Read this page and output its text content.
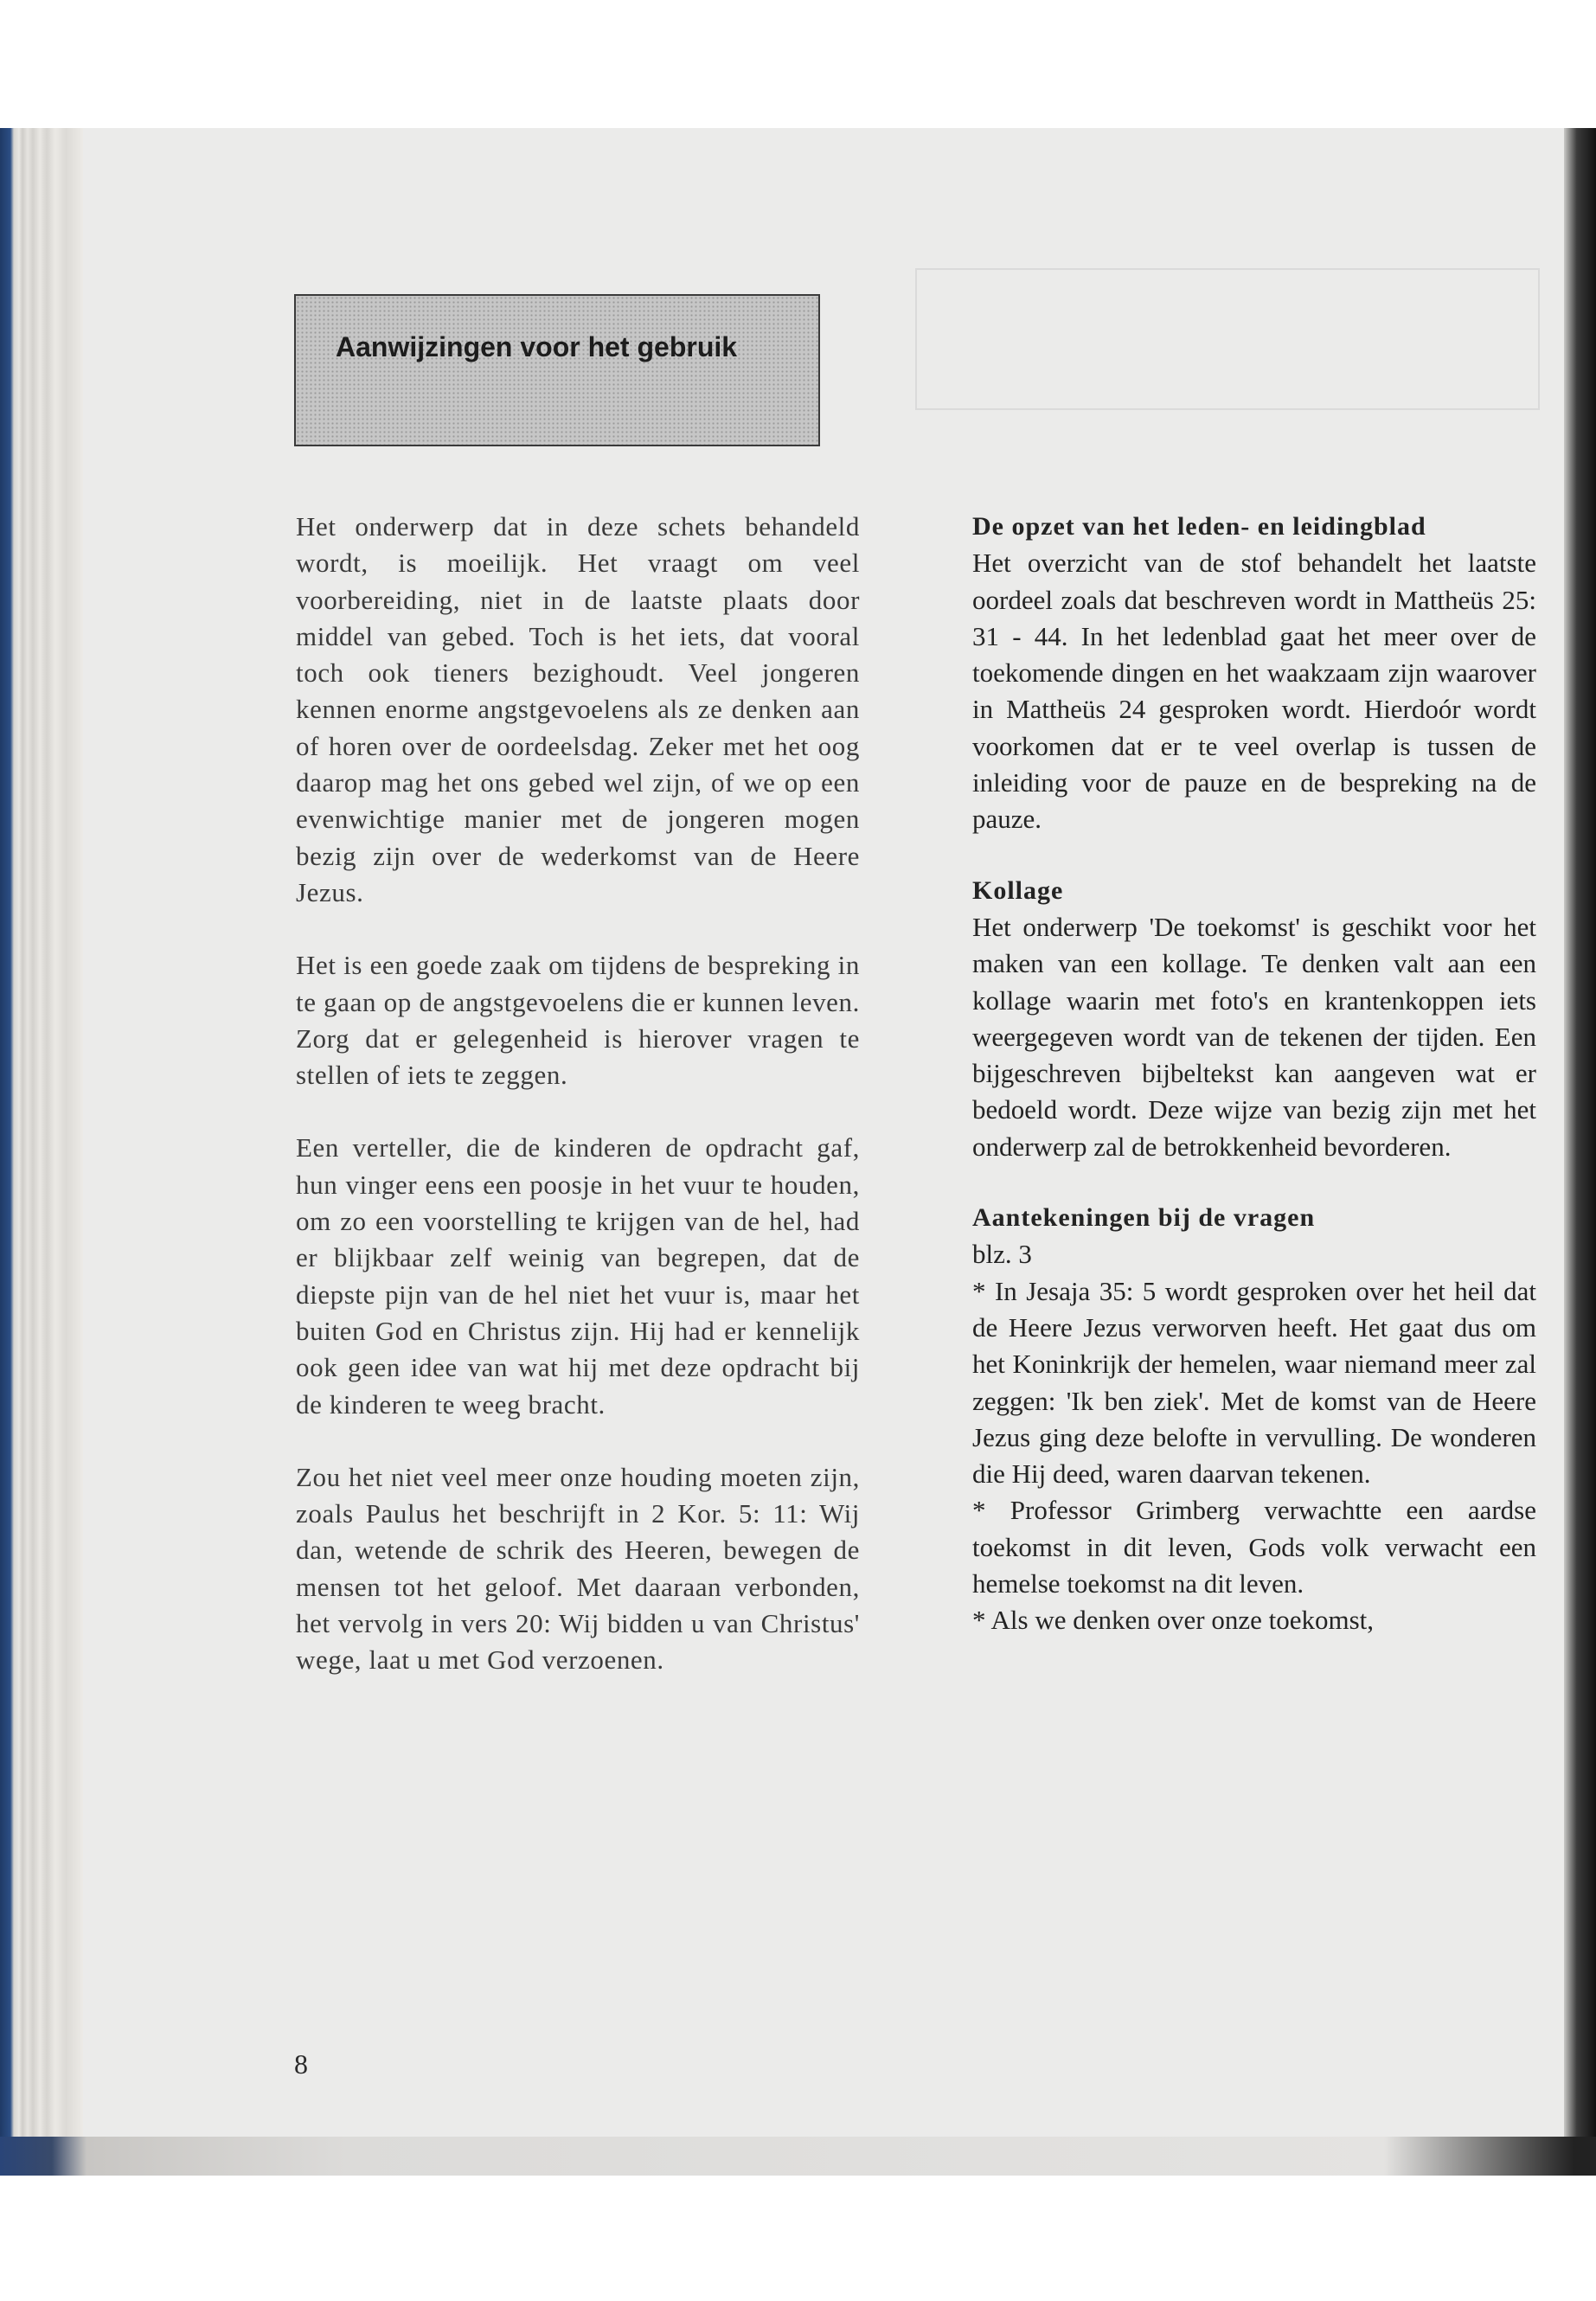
Aanwijzingen voor het gebruik

Het onderwerp dat in deze schets behandeld wordt, is moeilijk. Het vraagt om veel voorbereiding, niet in de laatste plaats door middel van gebed. Toch is het iets, dat vooral toch ook tieners bezighoudt. Veel jongeren kennen enorme angstgevoelens als ze denken aan of horen over de oordeelsdag. Zeker met het oog daarop mag het ons gebed wel zijn, of we op een evenwichtige manier met de jongeren mogen bezig zijn over de wederkomst van de Heere Jezus.

Het is een goede zaak om tijdens de bespreking in te gaan op de angstgevoelens die er kunnen leven. Zorg dat er gelegenheid is hierover vragen te stellen of iets te zeggen.

Een verteller, die de kinderen de opdracht gaf, hun vinger eens een poosje in het vuur te houden, om zo een voorstelling te krijgen van de hel, had er blijkbaar zelf weinig van begrepen, dat de diepste pijn van de hel niet het vuur is, maar het buiten God en Christus zijn. Hij had er kennelijk ook geen idee van wat hij met deze opdracht bij de kinderen te weeg bracht.

Zou het niet veel meer onze houding moeten zijn, zoals Paulus het beschrijft in 2 Kor. 5: 11: Wij dan, wetende de schrik des Heeren, bewegen de mensen tot het geloof. Met daaraan verbonden, het vervolg in vers 20: Wij bidden u van Christus' wege, laat u met God verzoenen.

De opzet van het leden- en leidingblad
Het overzicht van de stof behandelt het laatste oordeel zoals dat beschreven wordt in Mattheüs 25: 31 - 44. In het ledenblad gaat het meer over de toekomende dingen en het waakzaam zijn waarover in Mattheüs 24 gesproken wordt. Hierdoór wordt voorkomen dat er te veel overlap is tussen de inleiding voor de pauze en de bespreking na de pauze.
Kollage
Het onderwerp 'De toekomst' is geschikt voor het maken van een kollage. Te denken valt aan een kollage waarin met foto's en krantenkoppen iets weergegeven wordt van de tekenen der tijden. Een bijgeschreven bijbeltekst kan aangeven wat er bedoeld wordt. Deze wijze van bezig zijn met het onderwerp zal de betrokkenheid bevorderen.
Aantekeningen bij de vragen
blz. 3
* In Jesaja 35: 5 wordt gesproken over het heil dat de Heere Jezus verworven heeft. Het gaat dus om het Koninkrijk der hemelen, waar niemand meer zal zeggen: 'Ik ben ziek'. Met de komst van de Heere Jezus ging deze belofte in vervulling. De wonderen die Hij deed, waren daarvan tekenen.
* Professor Grimberg verwachtte een aardse toekomst in dit leven, Gods volk verwacht een hemelse toekomst na dit leven.
* Als we denken over onze toekomst,
8
